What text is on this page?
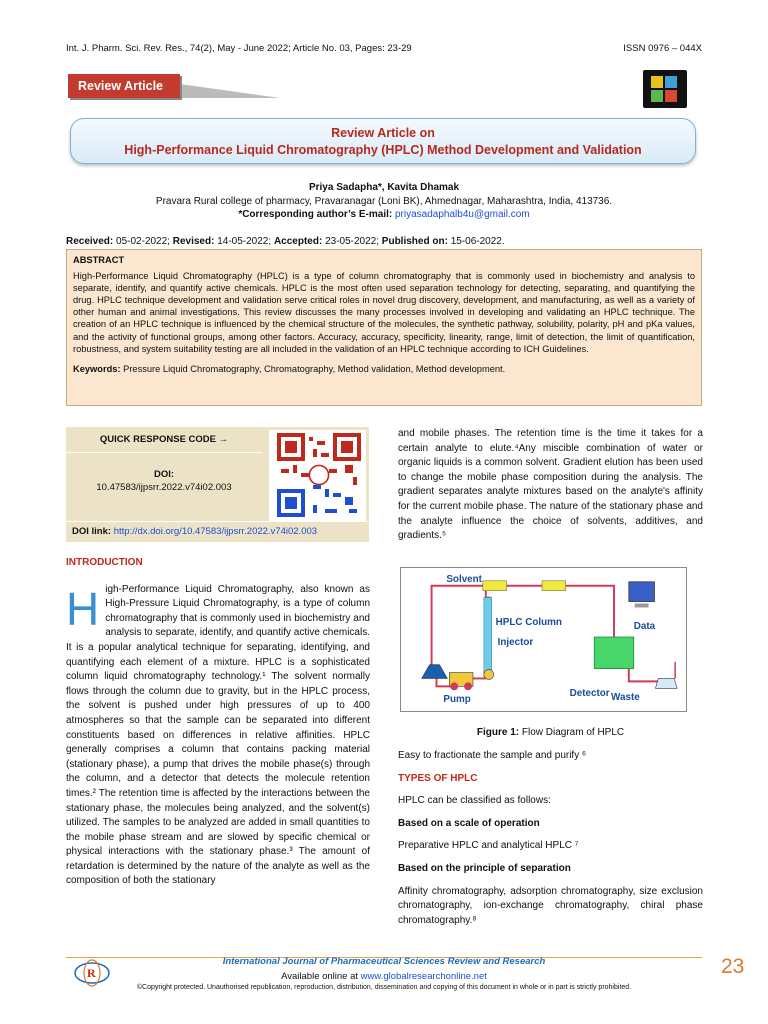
Int. J. Pharm. Sci. Rev. Res., 74(2), May - June 2022; Article No. 03, Pages: 23-29	ISSN 0976 – 044X
Review Article
Review Article on
High-Performance Liquid Chromatography (HPLC) Method Development and Validation
Priya Sadapha*, Kavita Dhamak
Pravara Rural college of pharmacy, Pravaranagar (Loni BK), Ahmednagar, Maharashtra, India, 413736.
*Corresponding author’s E-mail: priyasadaphalb4u@gmail.com
Received: 05-02-2022; Revised: 14-05-2022; Accepted: 23-05-2022; Published on: 15-06-2022.
ABSTRACT
High-Performance Liquid Chromatography (HPLC) is a type of column chromatography that is commonly used in biochemistry and analysis to separate, identify, and quantify active chemicals. HPLC is the most often used separation technology for detecting, separating, and quantifying the drug. HPLC technique development and validation serve critical roles in novel drug discovery, development, and manufacturing, as well as a variety of other human and animal investigations. This review discusses the many processes involved in developing and validating an HPLC technique. The creation of an HPLC technique is influenced by the chemical structure of the molecules, the synthetic pathway, solubility, polarity, pH and pKa values, and the activity of functional groups, among other factors. Accuracy, accuracy, specificity, linearity, range, limit of detection, the limit of quantification, robustness, and system suitability testing are all included in the validation of an HPLC technique according to ICH Guidelines.
Keywords: Pressure Liquid Chromatography, Chromatography, Method validation, Method development.
QUICK RESPONSE CODE →
DOI:
10.47583/ijpsrr.2022.v74i02.003
DOI link: http://dx.doi.org/10.47583/ijpsrr.2022.v74i02.003
INTRODUCTION
High-Performance Liquid Chromatography, also known as High-Pressure Liquid Chromatography, is a type of column chromatography that is commonly used in biochemistry and analysis to separate, identify, and quantify active chemicals. It is a popular analytical technique for separating, identifying, and quantifying each element of a mixture. HPLC is a sophisticated column liquid chromatography technology.¹ The solvent normally flows through the column due to gravity, but in the HPLC process, the solvent is pushed under high pressures of up to 400 atmospheres so that the sample can be separated into different constituents based on differences in relative affinities. HPLC generally comprises a column that contains packing material (stationary phase), a pump that drives the mobile phase(s) through the column, and a detector that detects the molecule retention times.² The retention time is affected by the interactions between the stationary phase, the molecules being analyzed, and the solvent(s) utilized. The samples to be analyzed are added in small quantities to the mobile phase stream and are slowed by specific chemical or physical interactions with the stationary phase.³ The amount of retardation is determined by the nature of the analyte as well as the composition of both the stationary
and mobile phases. The retention time is the time it takes for a certain analyte to elute.⁴Any miscible combination of water or organic liquids is a common solvent. Gradient elution has been used to change the mobile phase composition during the analysis. The gradient separates analyte mixtures based on the analyte's affinity for the current mobile phase. The nature of the stationary phase and the analyte influence the choice of solvents, additives, and gradients.⁵
Solvent
HPLC Column
Injector
Data
Pump
Detector Waste
Figure 1: Flow Diagram of HPLC

Easy to fractionate the sample and purify ⁶

TYPES OF HPLC

HPLC can be classified as follows:

Based on a scale of operation

Preparative HPLC and analytical HPLC ⁷

Based on the principle of separation

Affinity chromatography, adsorption chromatography, size exclusion chromatography, ion-exchange chromatography, chiral phase chromatography.⁸

R
International Journal of Pharmaceutical Sciences Review and Research
Available online at www.globalresearchonline.net
©Copyright protected. Unauthorised republication, reproduction, distribution, dissemination and copying of this document in whole or in part is strictly prohibited.
23
